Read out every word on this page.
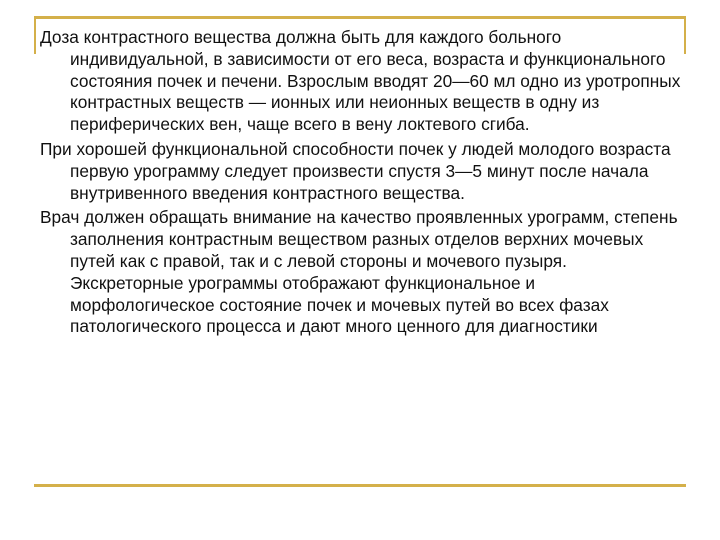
Доза контрастного вещества должна быть для каждого больного индивидуальной, в зависимости от его веса, возраста и функционального состояния почек и печени. Взрослым вводят 20—60 мл одно из уротропных контрастных веществ — ионных или неионных веществ в одну из периферических вен, чаще всего в вену локтевого сгиба.

При хорошей функциональной способности почек у людей молодого возраста первую урограмму следует произвести спустя 3—5 минут после начала внутривенного введения контрастного вещества.

Врач должен обращать внимание на качество проявленных урограмм, степень заполнения контрастным веществом разных отделов верхних мочевых путей как с правой, так и с левой стороны и мочевого пузыря. Экскреторные урограммы отображают функциональное и морфологическое состояние почек и мочевых путей во всех фазах патологического процесса и дают много ценного для диагностики
